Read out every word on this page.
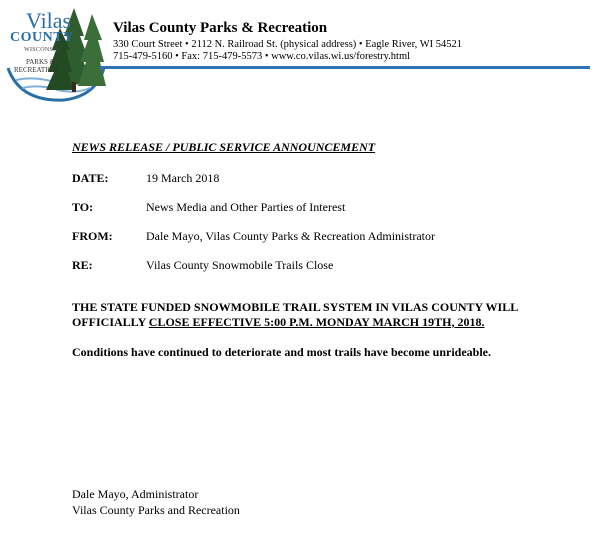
Vilas
COUNTY
WISCONSIN
PARKS &
RECREATION
Vilas County Parks & Recreation
330 Court Street • 2112 N. Railroad St. (physical address) • Eagle River, WI 54521
715-479-5160 • Fax: 715-479-5573 • www.co.vilas.wi.us/forestry.html
NEWS RELEASE / PUBLIC SERVICE ANNOUNCEMENT
DATE:	19 March 2018
TO:	News Media and Other Parties of Interest
FROM:	Dale Mayo, Vilas County Parks & Recreation Administrator
RE:	Vilas County Snowmobile Trails Close
THE STATE FUNDED SNOWMOBILE TRAIL SYSTEM IN VILAS COUNTY WILL OFFICIALLY CLOSE EFFECTIVE 5:00 P.M. MONDAY MARCH 19TH, 2018.
Conditions have continued to deteriorate and most trails have become unrideable.
Dale Mayo, Administrator
Vilas County Parks and Recreation
